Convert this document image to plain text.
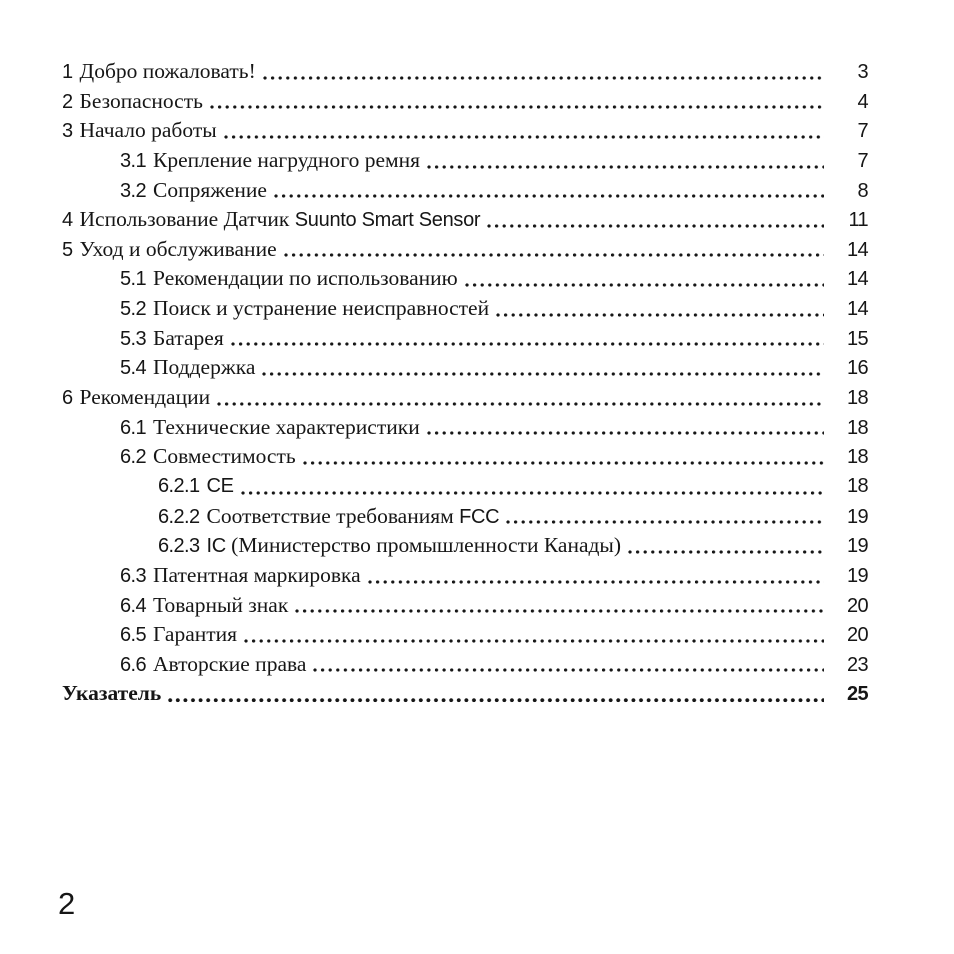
1 Добро пожаловать!	3
2 Безопасность	4
3 Начало работы	7
3.1 Крепление нагрудного ремня	7
3.2 Сопряжение	8
4 Использование Датчик Suunto Smart Sensor	11
5 Уход и обслуживание	14
5.1 Рекомендации по использованию	14
5.2 Поиск и устранение неисправностей	14
5.3 Батарея	15
5.4 Поддержка	16
6 Рекомендации	18
6.1 Технические характеристики	18
6.2 Совместимость	18
6.2.1 CE	18
6.2.2 Соответствие требованиям FCC	19
6.2.3 IC (Министерство промышленности Канады)	19
6.3 Патентная маркировка	19
6.4 Товарный знак	20
6.5 Гарантия	20
6.6 Авторские права	23
Указатель	25
2
